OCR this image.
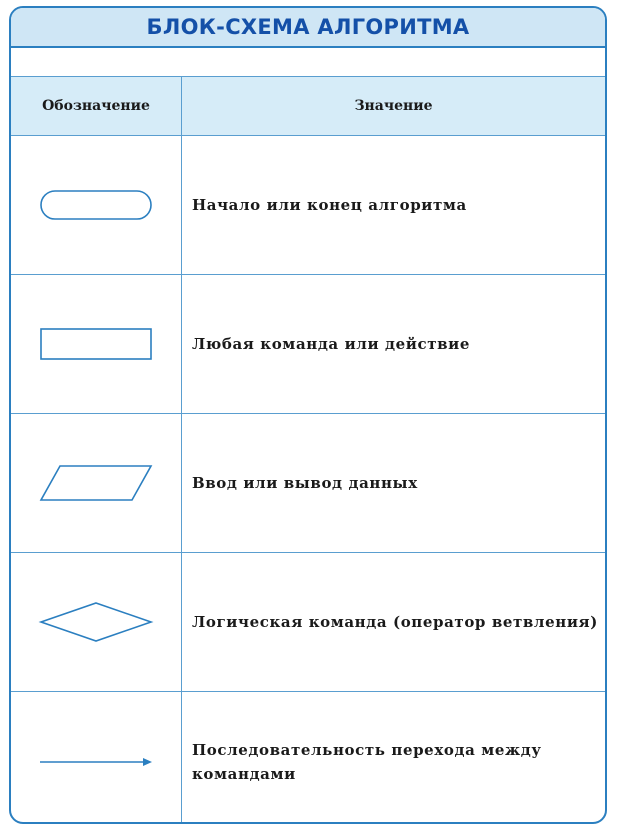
БЛОК-СХЕМА АЛГОРИТМА
Обозначение	Значение
Начало или конец алгоритма
Любая команда или действие
Ввод или вывод данных
Логическая команда (оператор ветвления)
Последовательность перехода между командами
